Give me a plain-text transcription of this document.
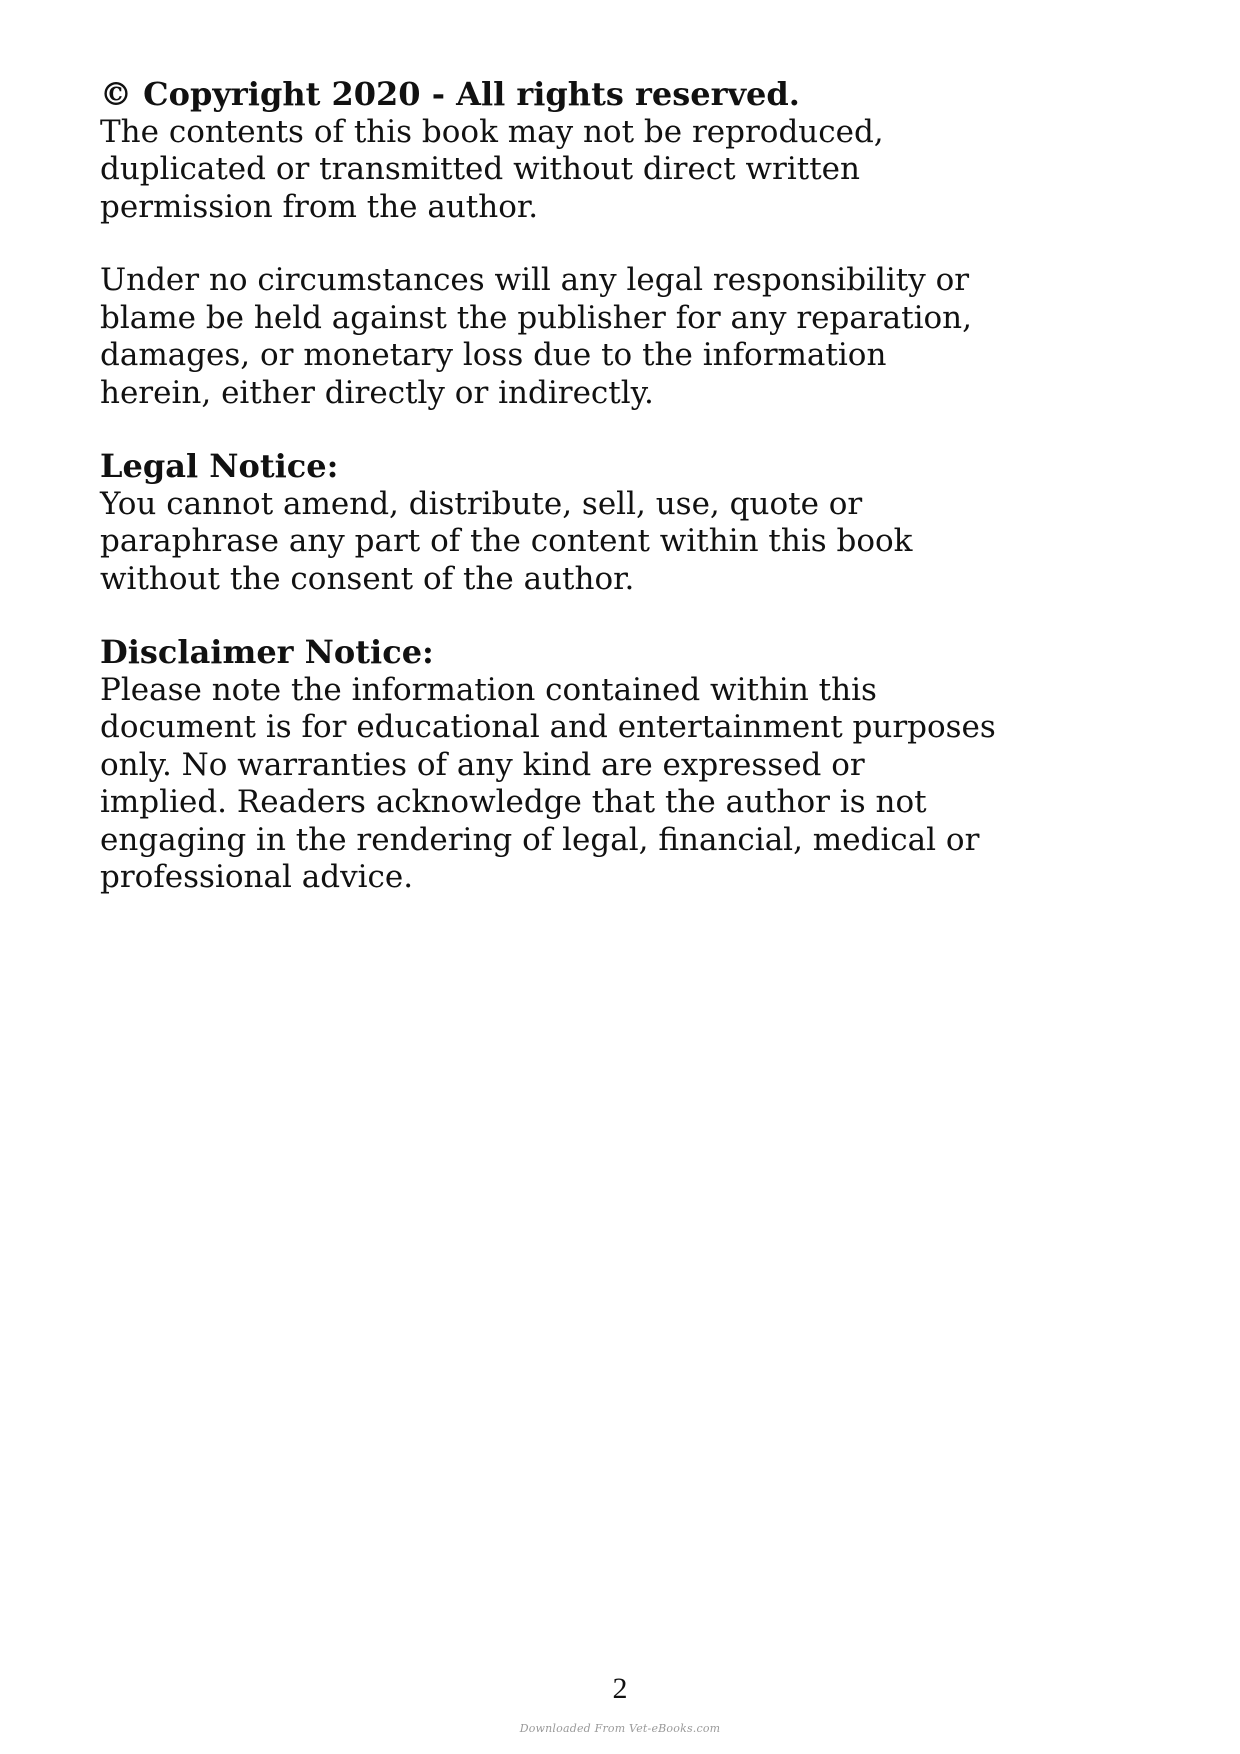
© Copyright 2020 - All rights reserved.
The contents of this book may not be reproduced,
duplicated or transmitted without direct written
permission from the author.
Under no circumstances will any legal responsibility or
blame be held against the publisher for any reparation,
damages, or monetary loss due to the information
herein, either directly or indirectly.
Legal Notice:
You cannot amend, distribute, sell, use, quote or
paraphrase any part of the content within this book
without the consent of the author.
Disclaimer Notice:
Please note the information contained within this
document is for educational and entertainment purposes
only. No warranties of any kind are expressed or
implied. Readers acknowledge that the author is not
engaging in the rendering of legal, financial, medical or
professional advice.
2
Downloaded From Vet-eBooks.com
